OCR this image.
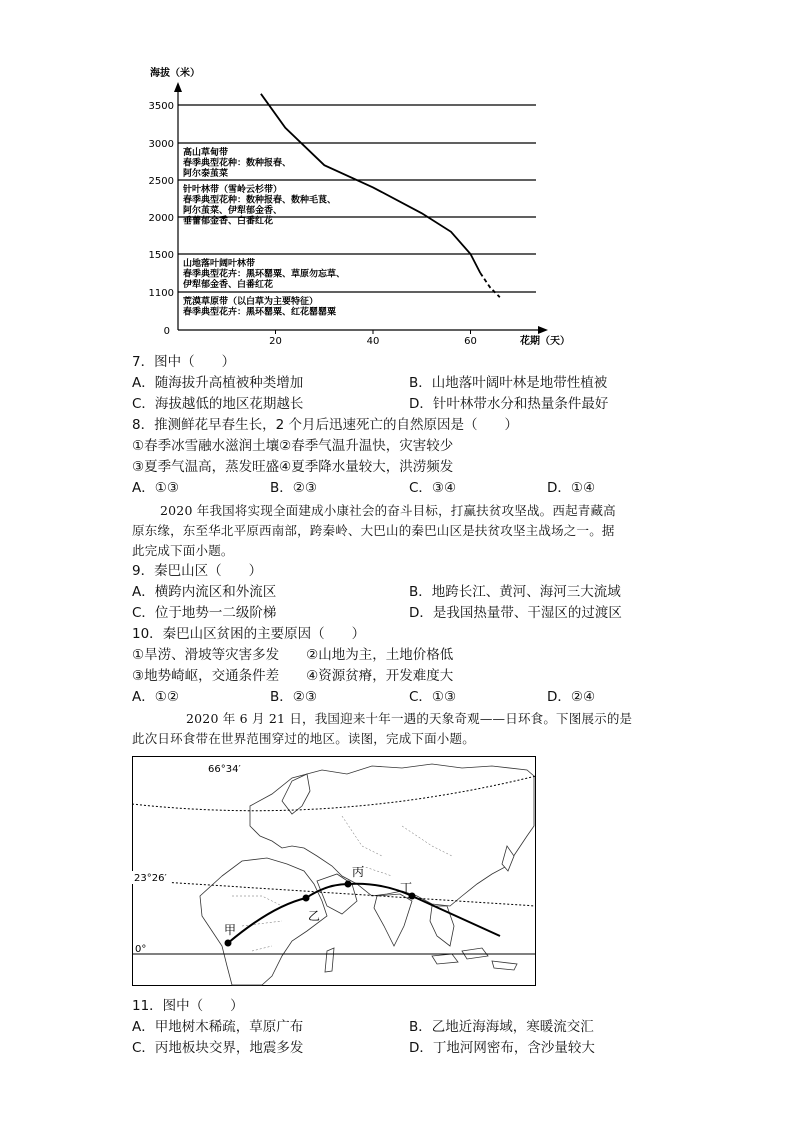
海拔（米）
花期（天）
1100
1500
2000
2500
3000
3500
0
20	40	60
高山草甸带
春季典型花种：数种报春、
阿尔泰茧菜
针叶林带（雪岭云杉带）
春季典型花种：数种报春、数种毛茛、
阿尔茧菜、伊犁郁金香、
垂蕾郁金香、白番红花
山地落叶阔叶林带
春季典型花卉：黑环罂粟、草原勿忘草、
伊犁郁金香、白番红花
荒漠草原带（以白草为主要特征）
春季典型花卉：黑环罂粟、红花罂罂粟
7．图中（　　）
A．随海拔升高植被种类增加	B．山地落叶阔叶林是地带性植被
C．海拔越低的地区花期越长	D．针叶林带水分和热量条件最好
8．推测鲜花早春生长，2 个月后迅速死亡的自然原因是（　　）
①春季冰雪融水滋润土壤②春季气温升温快，灾害较少
③夏季气温高，蒸发旺盛④夏季降水量较大，洪涝频发
A．①③	B．②③	C．③④	D．①④
2020 年我国将实现全面建成小康社会的奋斗目标，打赢扶贫攻坚战。西起青藏高
原东缘，东至华北平原西南部，跨秦岭、大巴山的秦巴山区是扶贫攻坚主战场之一。据
此完成下面小题。
9．秦巴山区（　　）
A．横跨内流区和外流区	B．地跨长江、黄河、海河三大流域
C．位于地势一二级阶梯	D．是我国热量带、干湿区的过渡区
10．秦巴山区贫困的主要原因（　　）
①旱涝、滑坡等灾害多发　　②山地为主，土地价格低
③地势崎岖，交通条件差　　④资源贫瘠，开发难度大
A．①②	B．②③	C．①③	D．②④
2020 年 6 月 21 日，我国迎来十年一遇的天象奇观——日环食。下图展示的是
此次日环食带在世界范围穿过的地区。读图，完成下面小题。
甲
乙
丙
丁
66°34′
23°26′
0°
11．图中（　　）
A．甲地树木稀疏，草原广布	B．乙地近海海域，寒暖流交汇
C．丙地板块交界，地震多发	D．丁地河网密布，含沙量较大
